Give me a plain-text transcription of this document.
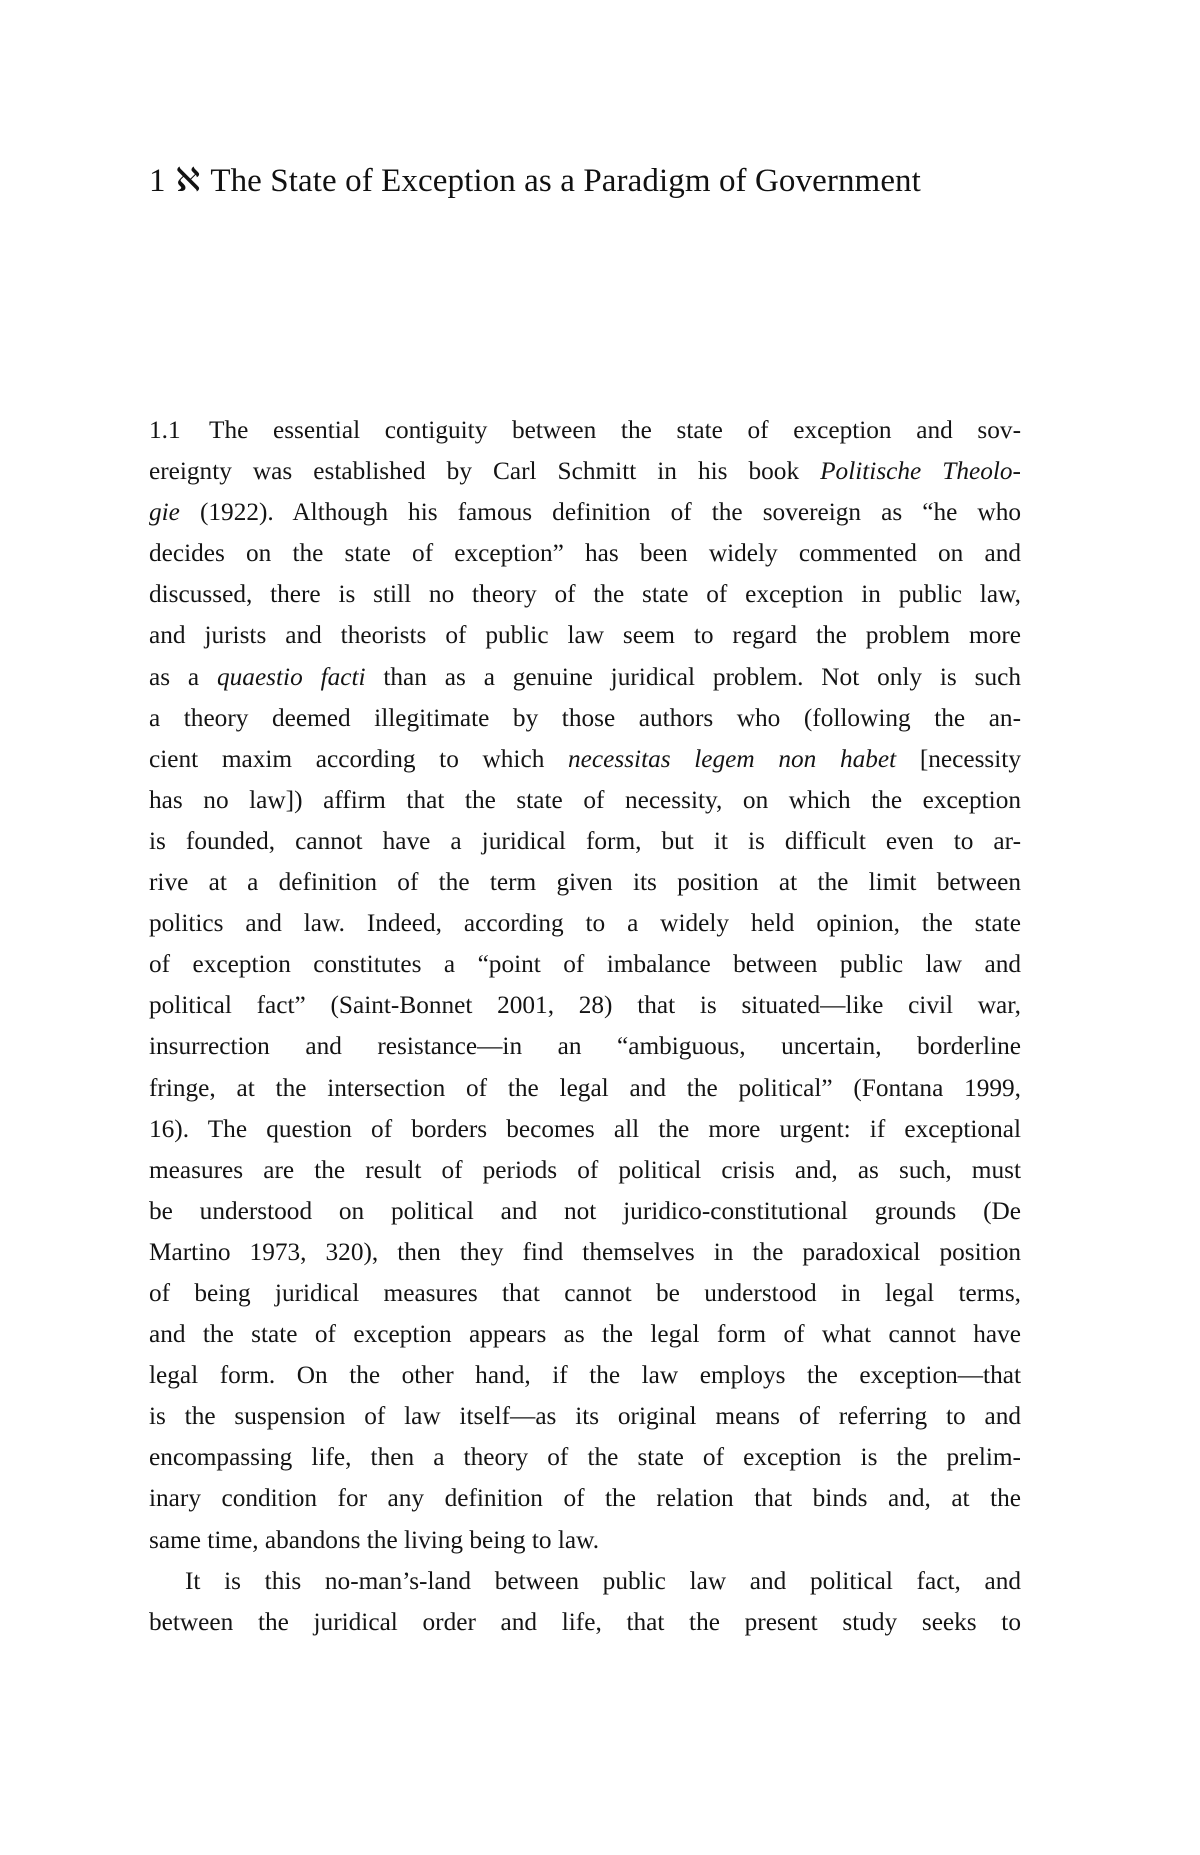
1 ℵ The State of Exception as a Paradigm of Government
1.1 The essential contiguity between the state of exception and sov-
ereignty was established by Carl Schmitt in his book Politische Theolo-
gie (1922). Although his famous definition of the sovereign as “he who
decides on the state of exception” has been widely commented on and
discussed, there is still no theory of the state of exception in public law,
and jurists and theorists of public law seem to regard the problem more
as a quaestio facti than as a genuine juridical problem. Not only is such
a theory deemed illegitimate by those authors who (following the an-
cient maxim according to which necessitas legem non habet [necessity
has no law]) affirm that the state of necessity, on which the exception
is founded, cannot have a juridical form, but it is difficult even to ar-
rive at a definition of the term given its position at the limit between
politics and law. Indeed, according to a widely held opinion, the state
of exception constitutes a “point of imbalance between public law and
political fact” (Saint-Bonnet 2001, 28) that is situated—like civil war,
insurrection and resistance—in an “ambiguous, uncertain, borderline
fringe, at the intersection of the legal and the political” (Fontana 1999,
16). The question of borders becomes all the more urgent: if exceptional
measures are the result of periods of political crisis and, as such, must
be understood on political and not juridico-constitutional grounds (De
Martino 1973, 320), then they find themselves in the paradoxical position
of being juridical measures that cannot be understood in legal terms,
and the state of exception appears as the legal form of what cannot have
legal form. On the other hand, if the law employs the exception—that
is the suspension of law itself—as its original means of referring to and
encompassing life, then a theory of the state of exception is the prelim-
inary condition for any definition of the relation that binds and, at the
same time, abandons the living being to law.
It is this no-man’s-land between public law and political fact, and
between the juridical order and life, that the present study seeks to
